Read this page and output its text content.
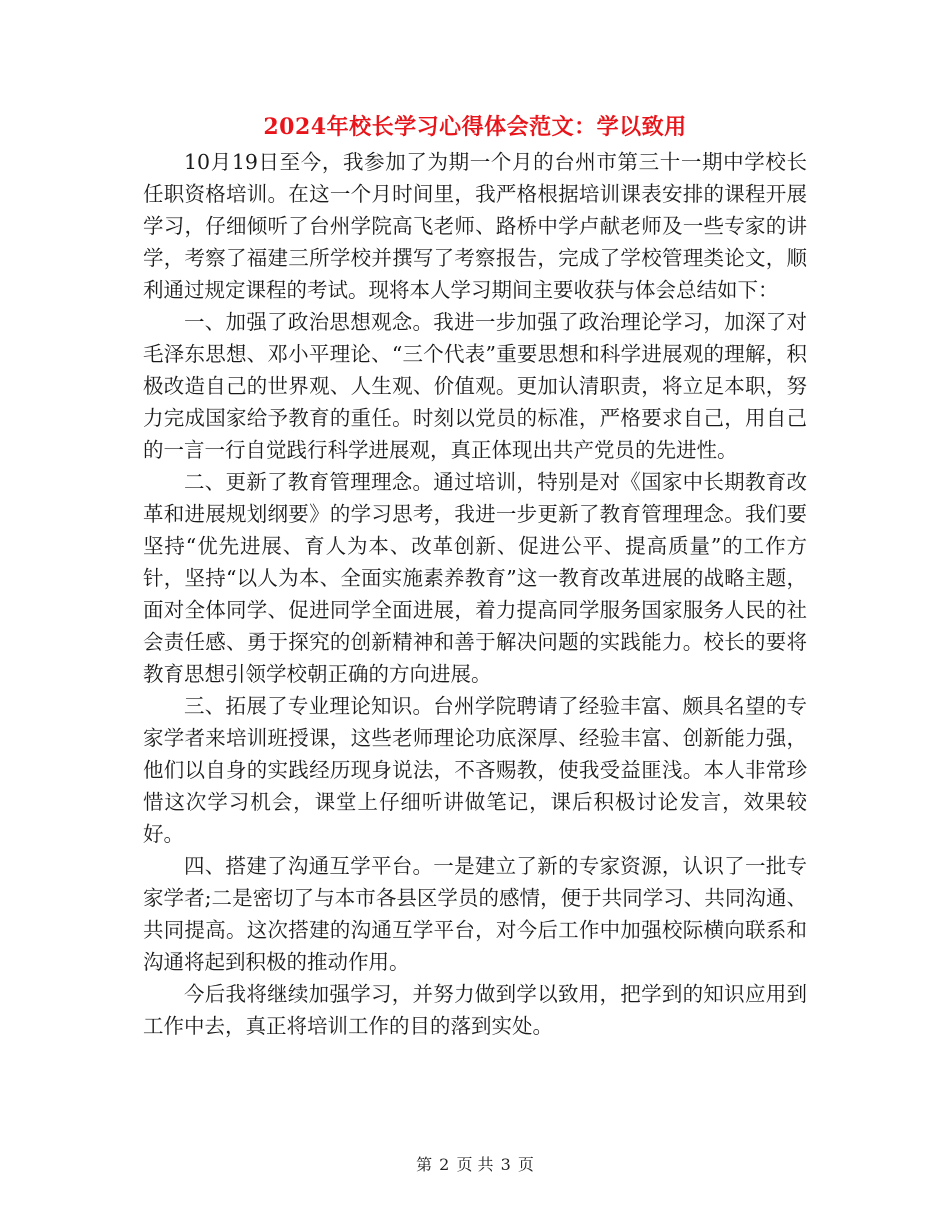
2024年校长学习心得体会范文：学以致用

10月19日至今，我参加了为期一个月的台州市第三十一期中学校长任职资格培训。在这一个月时间里，我严格根据培训课表安排的课程开展学习，仔细倾听了台州学院高飞老师、路桥中学卢献老师及一些专家的讲学，考察了福建三所学校并撰写了考察报告，完成了学校管理类论文，顺利通过规定课程的考试。现将本人学习期间主要收获与体会总结如下：

一、加强了政治思想观念。我进一步加强了政治理论学习，加深了对毛泽东思想、邓小平理论、“三个代表”重要思想和科学进展观的理解，积极改造自己的世界观、人生观、价值观。更加认清职责，将立足本职，努力完成国家给予教育的重任。时刻以党员的标准，严格要求自己，用自己的一言一行自觉践行科学进展观，真正体现出共产党员的先进性。

二、更新了教育管理理念。通过培训，特别是对《国家中长期教育改革和进展规划纲要》的学习思考，我进一步更新了教育管理理念。我们要坚持“优先进展、育人为本、改革创新、促进公平、提高质量”的工作方针，坚持“以人为本、全面实施素养教育”这一教育改革进展的战略主题，面对全体同学、促进同学全面进展，着力提高同学服务国家服务人民的社会责任感、勇于探究的创新精神和善于解决问题的实践能力。校长的要将教育思想引领学校朝正确的方向进展。

三、拓展了专业理论知识。台州学院聘请了经验丰富、颇具名望的专家学者来培训班授课，这些老师理论功底深厚、经验丰富、创新能力强，他们以自身的实践经历现身说法，不吝赐教，使我受益匪浅。本人非常珍惜这次学习机会，课堂上仔细听讲做笔记，课后积极讨论发言，效果较好。

四、搭建了沟通互学平台。一是建立了新的专家资源，认识了一批专家学者;二是密切了与本市各县区学员的感情，便于共同学习、共同沟通、共同提高。这次搭建的沟通互学平台，对今后工作中加强校际横向联系和沟通将起到积极的推动作用。

今后我将继续加强学习，并努力做到学以致用，把学到的知识应用到工作中去，真正将培训工作的目的落到实处。

第 2 页 共 3 页
